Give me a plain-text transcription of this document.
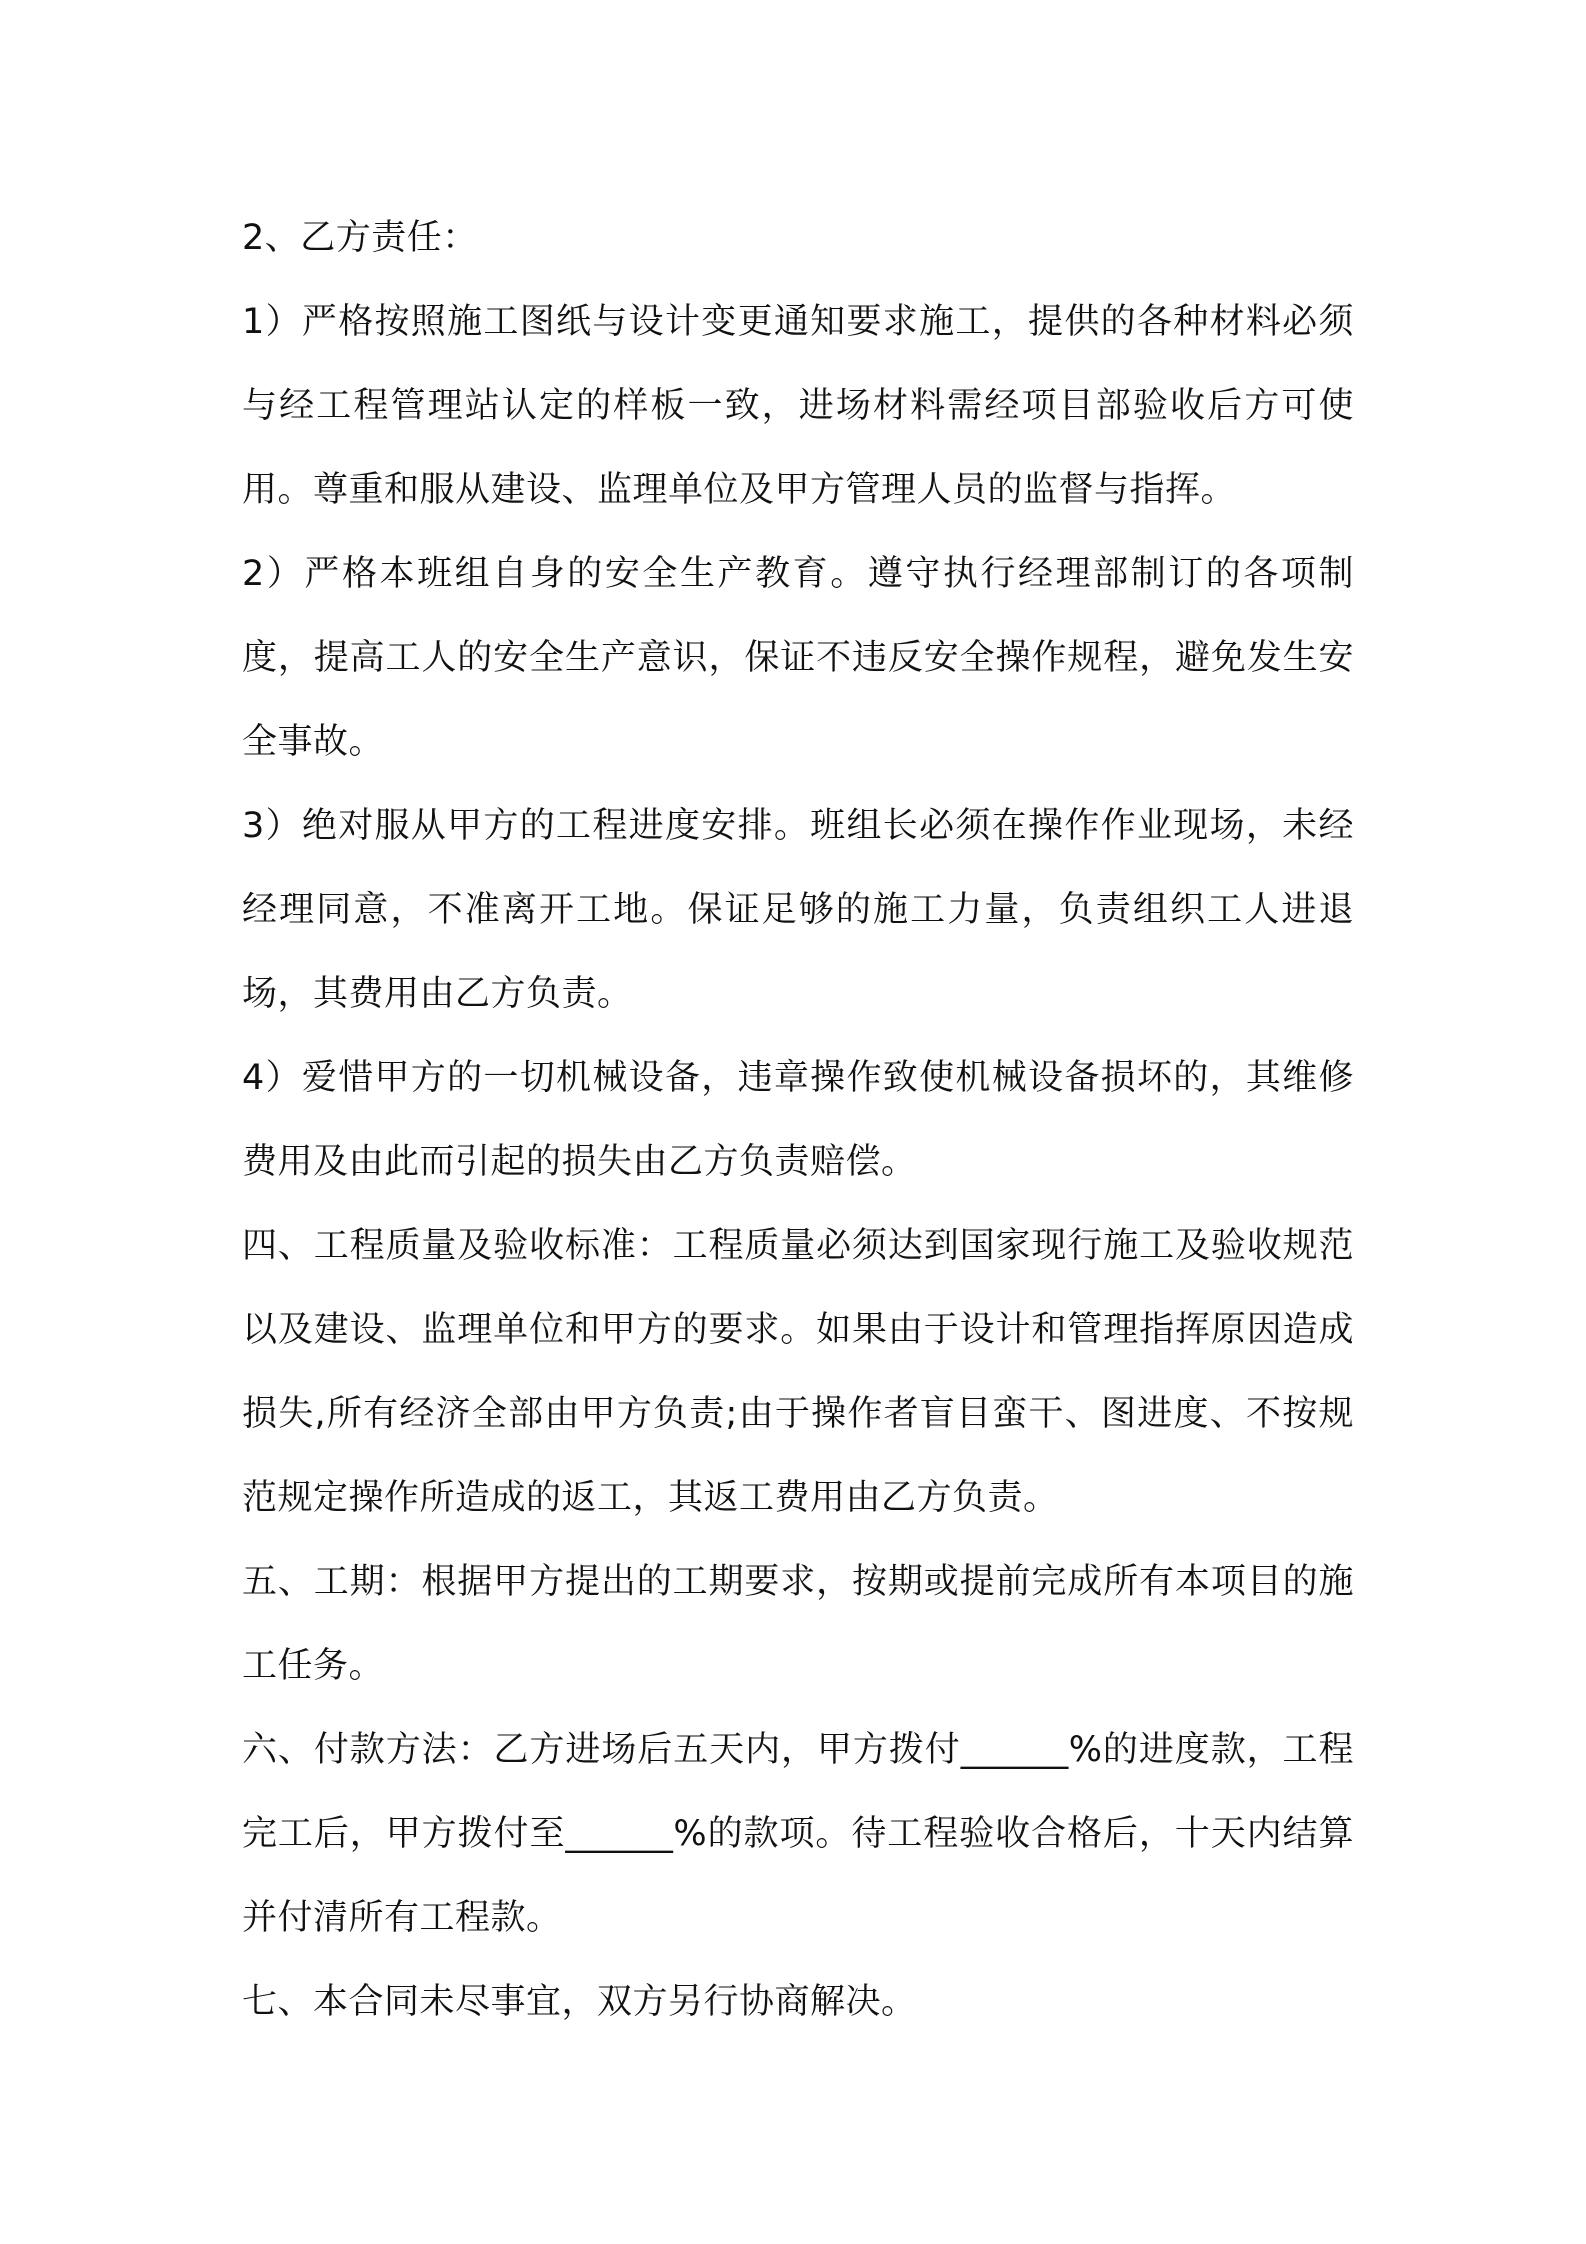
2、乙方责任：

1）严格按照施工图纸与设计变更通知要求施工，提供的各种材料必须与经工程管理站认定的样板一致，进场材料需经项目部验收后方可使用。尊重和服从建设、监理单位及甲方管理人员的监督与指挥。

2）严格本班组自身的安全生产教育。遵守执行经理部制订的各项制度，提高工人的安全生产意识，保证不违反安全操作规程，避免发生安全事故。

3）绝对服从甲方的工程进度安排。班组长必须在操作作业现场，未经经理同意，不准离开工地。保证足够的施工力量，负责组织工人进退场，其费用由乙方负责。

4）爱惜甲方的一切机械设备，违章操作致使机械设备损坏的，其维修费用及由此而引起的损失由乙方负责赔偿。

四、工程质量及验收标准：工程质量必须达到国家现行施工及验收规范以及建设、监理单位和甲方的要求。如果由于设计和管理指挥原因造成损失,所有经济全部由甲方负责;由于操作者盲目蛮干、图进度、不按规范规定操作所造成的返工，其返工费用由乙方负责。

五、工期：根据甲方提出的工期要求，按期或提前完成所有本项目的施工任务。

六、付款方法：乙方进场后五天内，甲方拨付______%的进度款，工程完工后，甲方拨付至______%的款项。待工程验收合格后，十天内结算并付清所有工程款。

七、本合同未尽事宜，双方另行协商解决。
